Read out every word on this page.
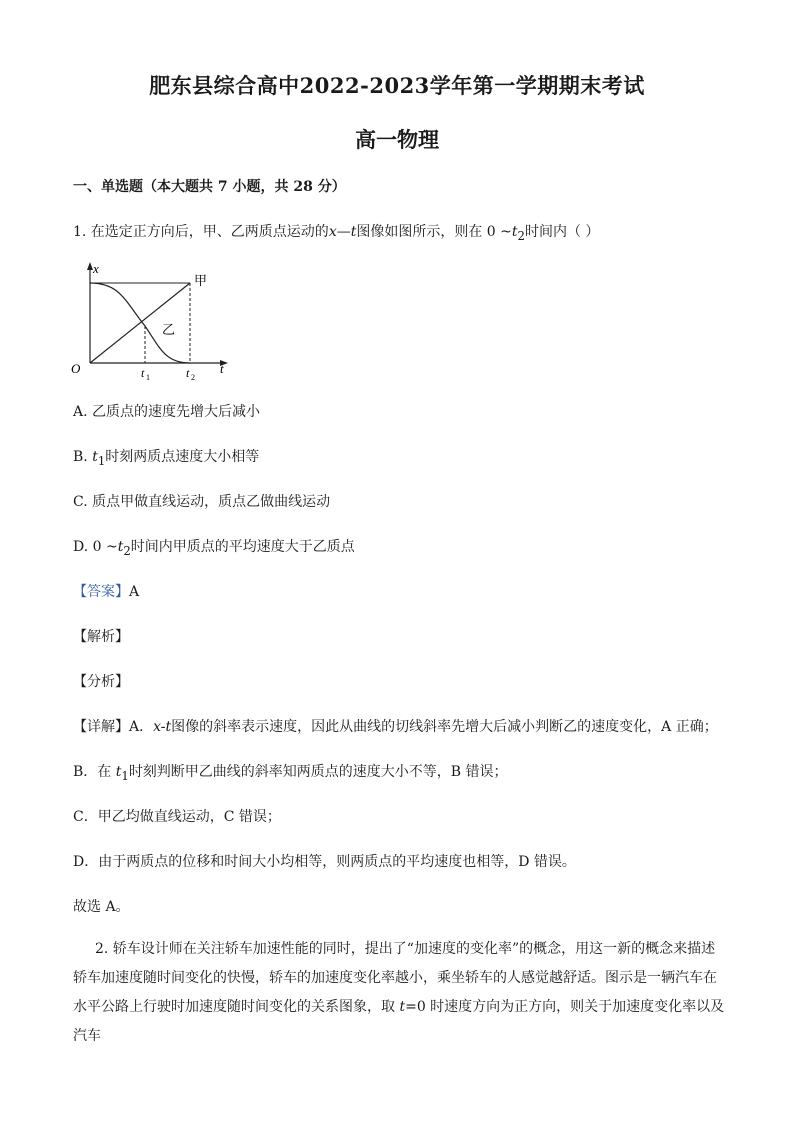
肥东县综合高中2022-2023学年第一学期期末考试
高一物理
一、单选题（本大题共 7 小题，共 28 分）
1. 在选定正方向后，甲、乙两质点运动的x—t图像如图所示，则在 0 $\sim t_2$时间内（ ）
x
t
O	t 1	t 2
甲
乙
A. 乙质点的速度先增大后减小
B. $t_1$时刻两质点速度大小相等
C. 质点甲做直线运动，质点乙做曲线运动
D. 0 $\sim t_2$时间内甲质点的平均速度大于乙质点
【答案】A
【解析】
【分析】
【详解】A．x-t图像的斜率表示速度，因此从曲线的切线斜率先增大后减小判断乙的速度变化，A 正确；
B．在 $t_1$时刻判断甲乙曲线的斜率知两质点的速度大小不等，B 错误；
C．甲乙均做直线运动，C 错误；
D．由于两质点的位移和时间大小均相等，则两质点的平均速度也相等，D 错误。
故选 A。
2. 轿车设计师在关注轿车加速性能的同时，提出了“加速度的变化率”的概念，用这一新的概念来描述轿车加速度随时间变化的快慢，轿车的加速度变化率越小，乘坐轿车的人感觉越舒适。图示是一辆汽车在水平公路上行驶时加速度随时间变化的关系图象，取 t=0 时速度方向为正方向，则关于加速度变化率以及汽车
